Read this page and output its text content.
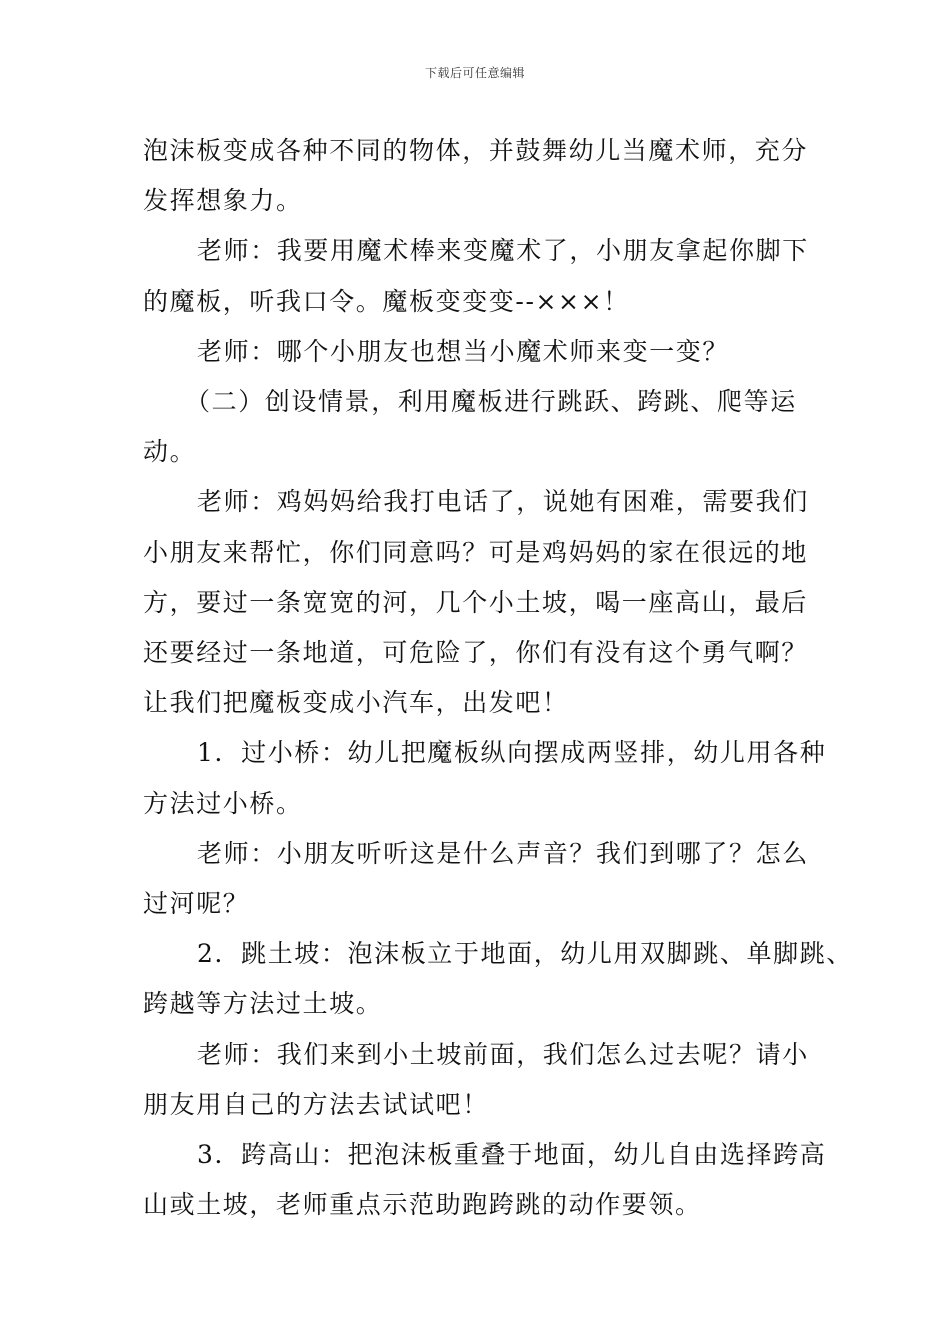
下载后可任意编辑

泡沫板变成各种不同的物体，并鼓舞幼儿当魔术师，充分
发挥想象力。

老师：我要用魔术棒来变魔术了，小朋友拿起你脚下
的魔板，听我口令。魔板变变变--×××！

老师：哪个小朋友也想当小魔术师来变一变？

（二）创设情景，利用魔板进行跳跃、跨跳、爬等运
动。

老师：鸡妈妈给我打电话了，说她有困难，需要我们
小朋友来帮忙，你们同意吗？可是鸡妈妈的家在很远的地
方，要过一条宽宽的河，几个小土坡，喝一座高山，最后
还要经过一条地道，可危险了，你们有没有这个勇气啊？
让我们把魔板变成小汽车，出发吧！

1．过小桥：幼儿把魔板纵向摆成两竖排，幼儿用各种
方法过小桥。

老师：小朋友听听这是什么声音？我们到哪了？怎么
过河呢？

2．跳土坡：泡沫板立于地面，幼儿用双脚跳、单脚跳、
跨越等方法过土坡。

老师：我们来到小土坡前面，我们怎么过去呢？请小
朋友用自己的方法去试试吧！

3．跨高山：把泡沫板重叠于地面，幼儿自由选择跨高
山或土坡，老师重点示范助跑跨跳的动作要领。
